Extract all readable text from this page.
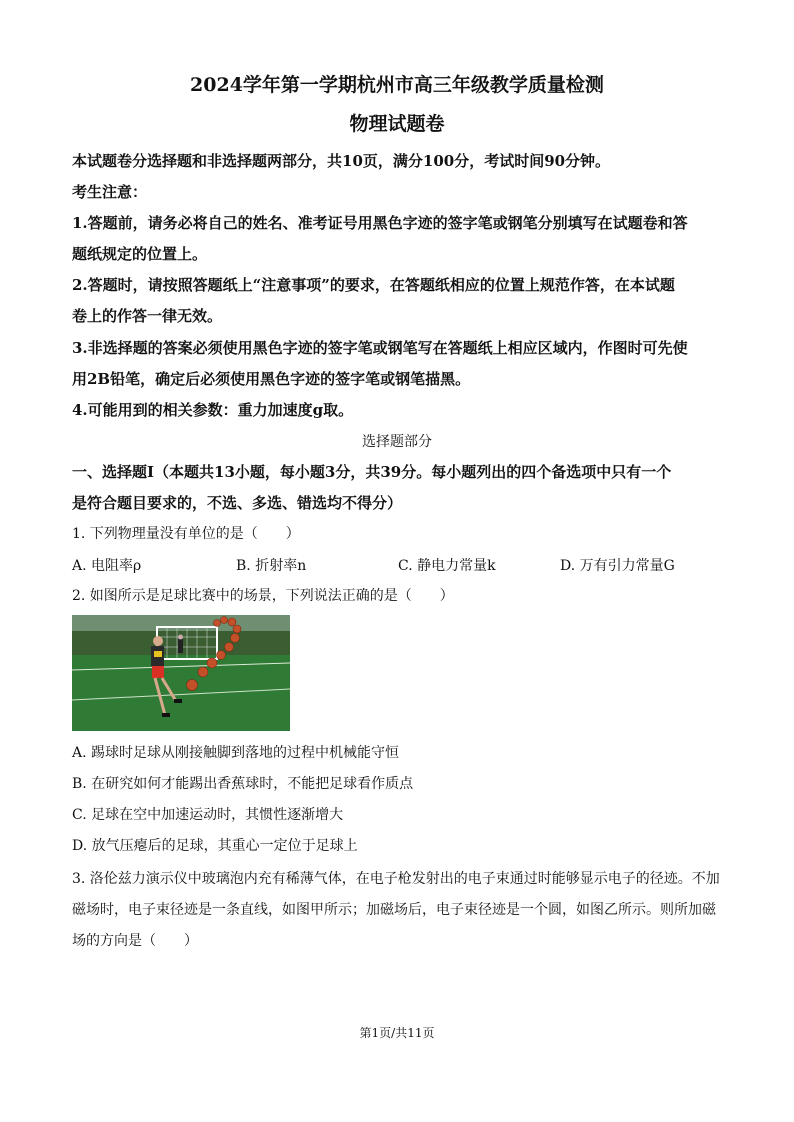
2024学年第一学期杭州市高三年级教学质量检测
物理试题卷
本试题卷分选择题和非选择题两部分，共10页，满分100分，考试时间90分钟。
考生注意：
1.答题前，请务必将自己的姓名、准考证号用黑色字迹的签字笔或钢笔分别填写在试题卷和答
题纸规定的位置上。
2.答题时，请按照答题纸上“注意事项”的要求，在答题纸相应的位置上规范作答，在本试题
卷上的作答一律无效。
3.非选择题的答案必须使用黑色字迹的签字笔或钢笔写在答题纸上相应区域内，作图时可先使
用2B铅笔，确定后必须使用黑色字迹的签字笔或钢笔描黑。
4.可能用到的相关参数：重力加速度g取。
选择题部分
一、选择题I（本题共13小题，每小题3分，共39分。每小题列出的四个备选项中只有一个
是符合题目要求的，不选、多选、错选均不得分）
1. 下列物理量没有单位的是（　　）
A. 电阻率ρ	B. 折射率n	C. 静电力常量k	D. 万有引力常量G
2. 如图所示是足球比赛中的场景，下列说法正确的是（　　）
A. 踢球时足球从刚接触脚到落地的过程中机械能守恒
B. 在研究如何才能踢出香蕉球时，不能把足球看作质点
C. 足球在空中加速运动时，其惯性逐渐增大
D. 放气压瘪后的足球，其重心一定位于足球上
3. 洛伦兹力演示仪中玻璃泡内充有稀薄气体，在电子枪发射出的电子束通过时能够显示电子的径迹。不加
磁场时，电子束径迹是一条直线，如图甲所示；加磁场后，电子束径迹是一个圆，如图乙所示。则所加磁
场的方向是（　　）
第1页/共11页
